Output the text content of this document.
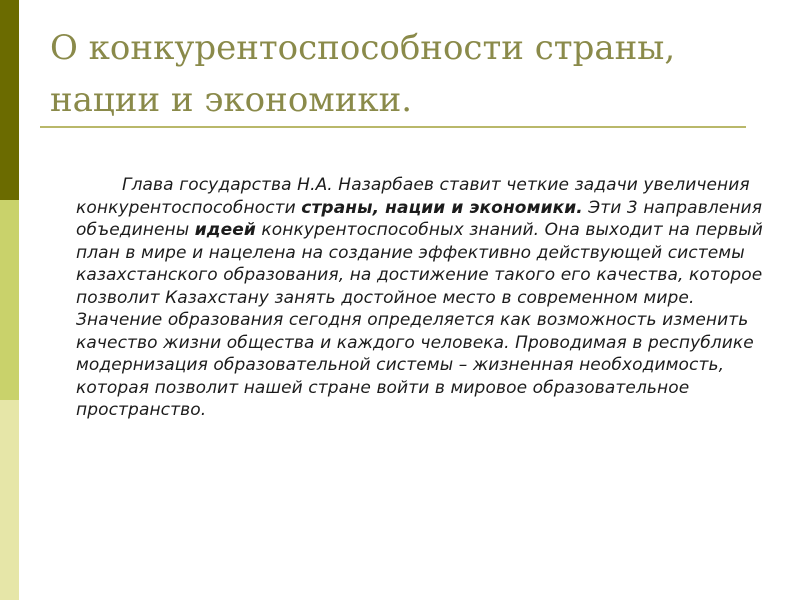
О конкурентоспособности страны,
нации и экономики.

Глава государства Н.А. Назарбаев ставит четкие задачи увеличения конкурентоспособности страны, нации и экономики. Эти 3 направления объединены идеей конкурентоспособных знаний. Она выходит на первый план в мире и нацелена на создание эффективно действующей системы казахстанского образования, на достижение такого его качества, которое позволит Казахстану занять достойное место в современном мире. Значение образования сегодня определяется как возможность изменить качество жизни общества и каждого человека. Проводимая в республике модернизация образовательной системы – жизненная необходимость, которая позволит нашей стране войти в мировое образовательное пространство.
